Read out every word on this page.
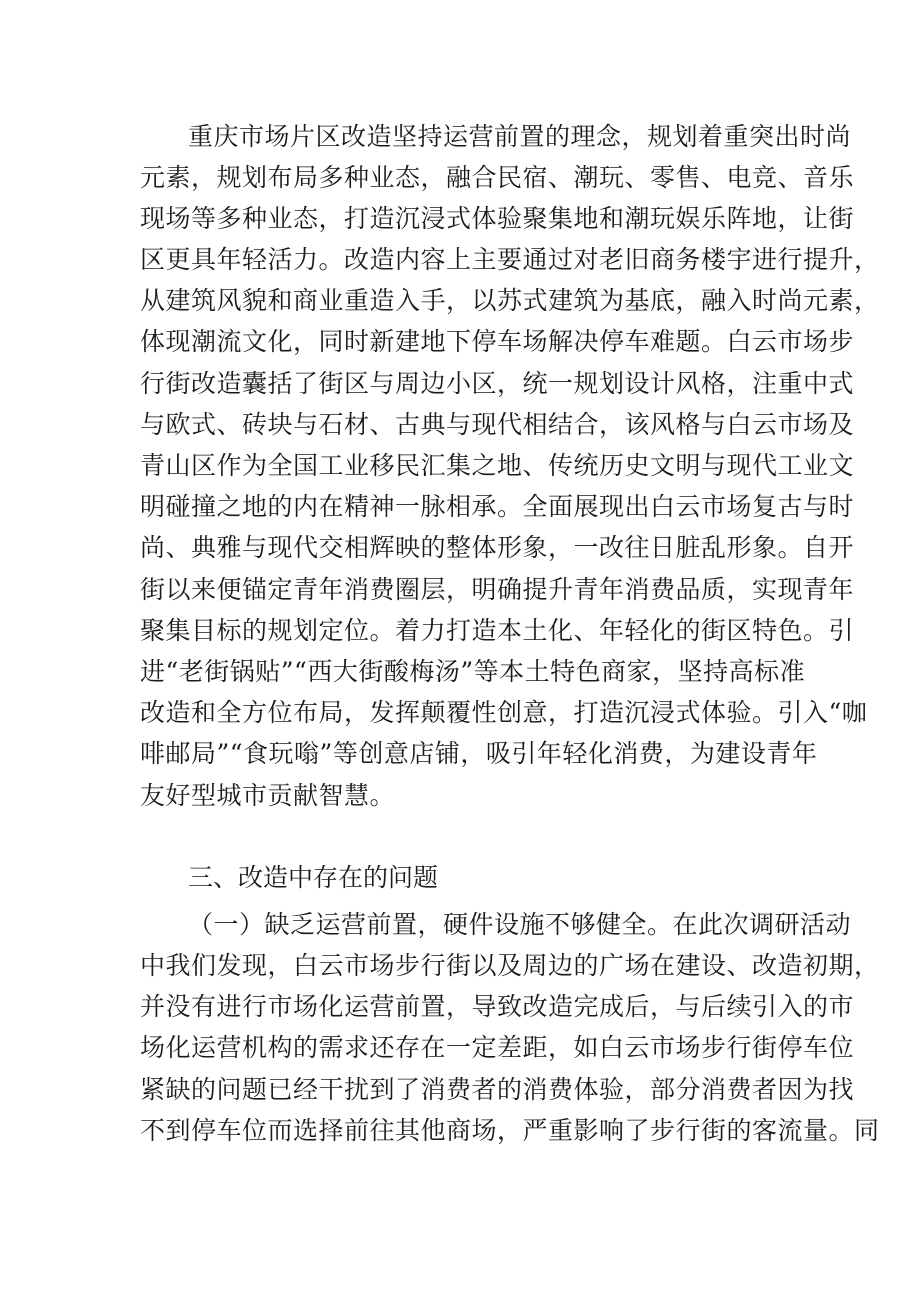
重庆市场片区改造坚持运营前置的理念，规划着重突出时尚
元素，规划布局多种业态，融合民宿、潮玩、零售、电竞、音乐
现场等多种业态，打造沉浸式体验聚集地和潮玩娱乐阵地，让街
区更具年轻活力。改造内容上主要通过对老旧商务楼宇进行提升，
从建筑风貌和商业重造入手，以苏式建筑为基底，融入时尚元素，
体现潮流文化，同时新建地下停车场解决停车难题。白云市场步
行街改造囊括了街区与周边小区，统一规划设计风格，注重中式
与欧式、砖块与石材、古典与现代相结合，该风格与白云市场及
青山区作为全国工业移民汇集之地、传统历史文明与现代工业文
明碰撞之地的内在精神一脉相承。全面展现出白云市场复古与时
尚、典雅与现代交相辉映的整体形象，一改往日脏乱形象。自开
街以来便锚定青年消费圈层，明确提升青年消费品质，实现青年
聚集目标的规划定位。着力打造本土化、年轻化的街区特色。引
进“老街锅贴”“西大街酸梅汤”等本土特色商家，坚持高标准
改造和全方位布局，发挥颠覆性创意，打造沉浸式体验。引入“咖
啡邮局”“食玩嗡”等创意店铺，吸引年轻化消费，为建设青年
友好型城市贡献智慧。
三、改造中存在的问题
（一）缺乏运营前置，硬件设施不够健全。在此次调研活动
中我们发现，白云市场步行街以及周边的广场在建设、改造初期，
并没有进行市场化运营前置，导致改造完成后，与后续引入的市
场化运营机构的需求还存在一定差距，如白云市场步行街停车位
紧缺的问题已经干扰到了消费者的消费体验，部分消费者因为找
不到停车位而选择前往其他商场，严重影响了步行街的客流量。同
